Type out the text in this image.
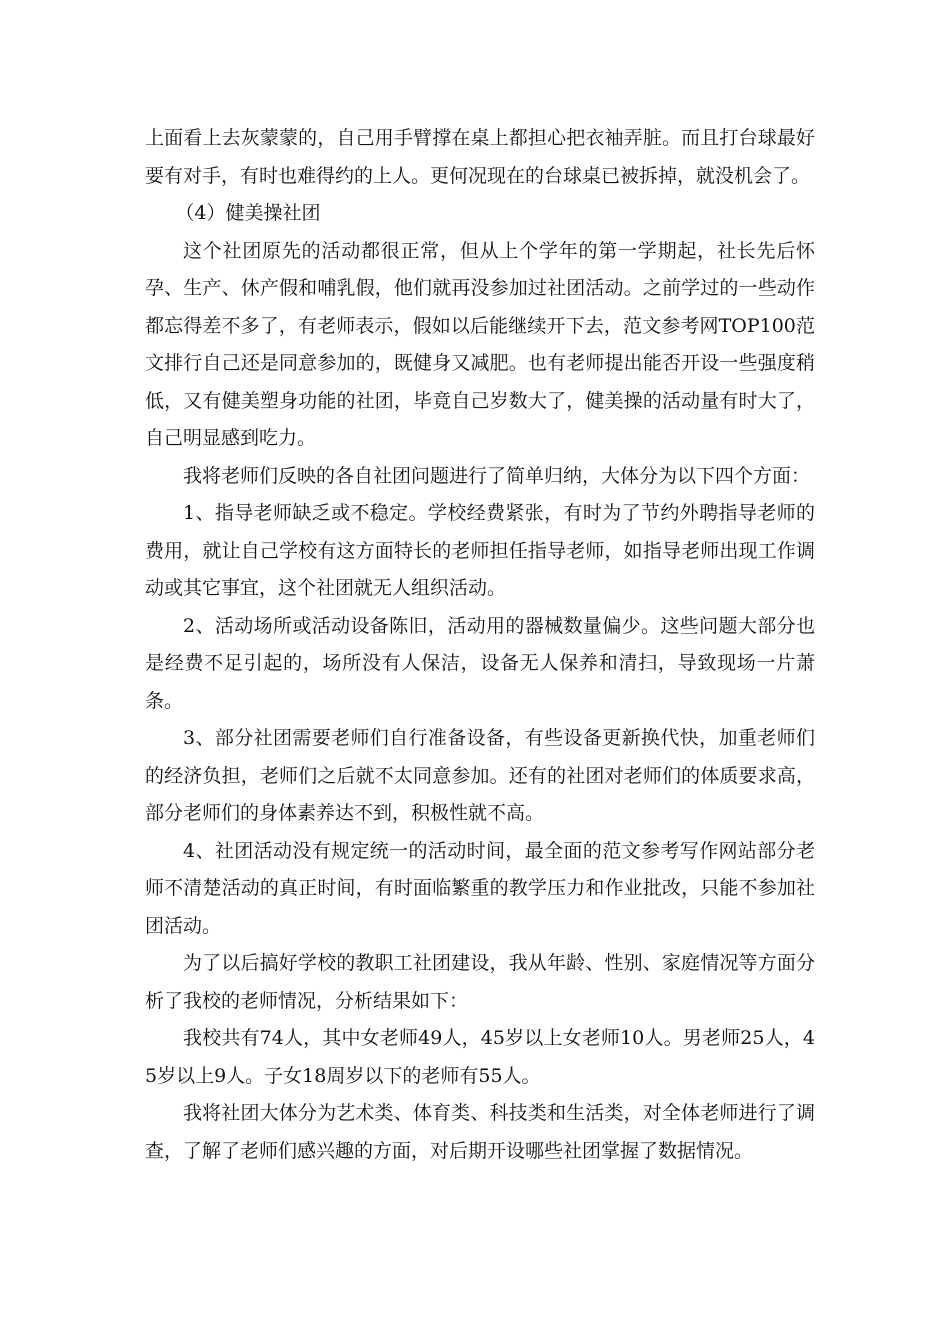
上面看上去灰蒙蒙的，自己用手臂撑在桌上都担心把衣袖弄脏。而且打台球最好要有对手，有时也难得约的上人。更何况现在的台球桌已被拆掉，就没机会了。

（4）健美操社团

这个社团原先的活动都很正常，但从上个学年的第一学期起，社长先后怀孕、生产、休产假和哺乳假，他们就再没参加过社团活动。之前学过的一些动作都忘得差不多了，有老师表示，假如以后能继续开下去，范文参考网TOP100范文排行自己还是同意参加的，既健身又减肥。也有老师提出能否开设一些强度稍低，又有健美塑身功能的社团，毕竟自己岁数大了，健美操的活动量有时大了，自己明显感到吃力。

我将老师们反映的各自社团问题进行了简单归纳，大体分为以下四个方面：

1、指导老师缺乏或不稳定。学校经费紧张，有时为了节约外聘指导老师的费用，就让自己学校有这方面特长的老师担任指导老师，如指导老师出现工作调动或其它事宜，这个社团就无人组织活动。

2、活动场所或活动设备陈旧，活动用的器械数量偏少。这些问题大部分也是经费不足引起的，场所没有人保洁，设备无人保养和清扫，导致现场一片萧条。

3、部分社团需要老师们自行准备设备，有些设备更新换代快，加重老师们的经济负担，老师们之后就不太同意参加。还有的社团对老师们的体质要求高，部分老师们的身体素养达不到，积极性就不高。

4、社团活动没有规定统一的活动时间，最全面的范文参考写作网站部分老师不清楚活动的真正时间，有时面临繁重的教学压力和作业批改，只能不参加社团活动。

为了以后搞好学校的教职工社团建设，我从年龄、性别、家庭情况等方面分析了我校的老师情况，分析结果如下：

我校共有74人，其中女老师49人，45岁以上女老师10人。男老师25人，45岁以上9人。子女18周岁以下的老师有55人。

我将社团大体分为艺术类、体育类、科技类和生活类，对全体老师进行了调查，了解了老师们感兴趣的方面，对后期开设哪些社团掌握了数据情况。
